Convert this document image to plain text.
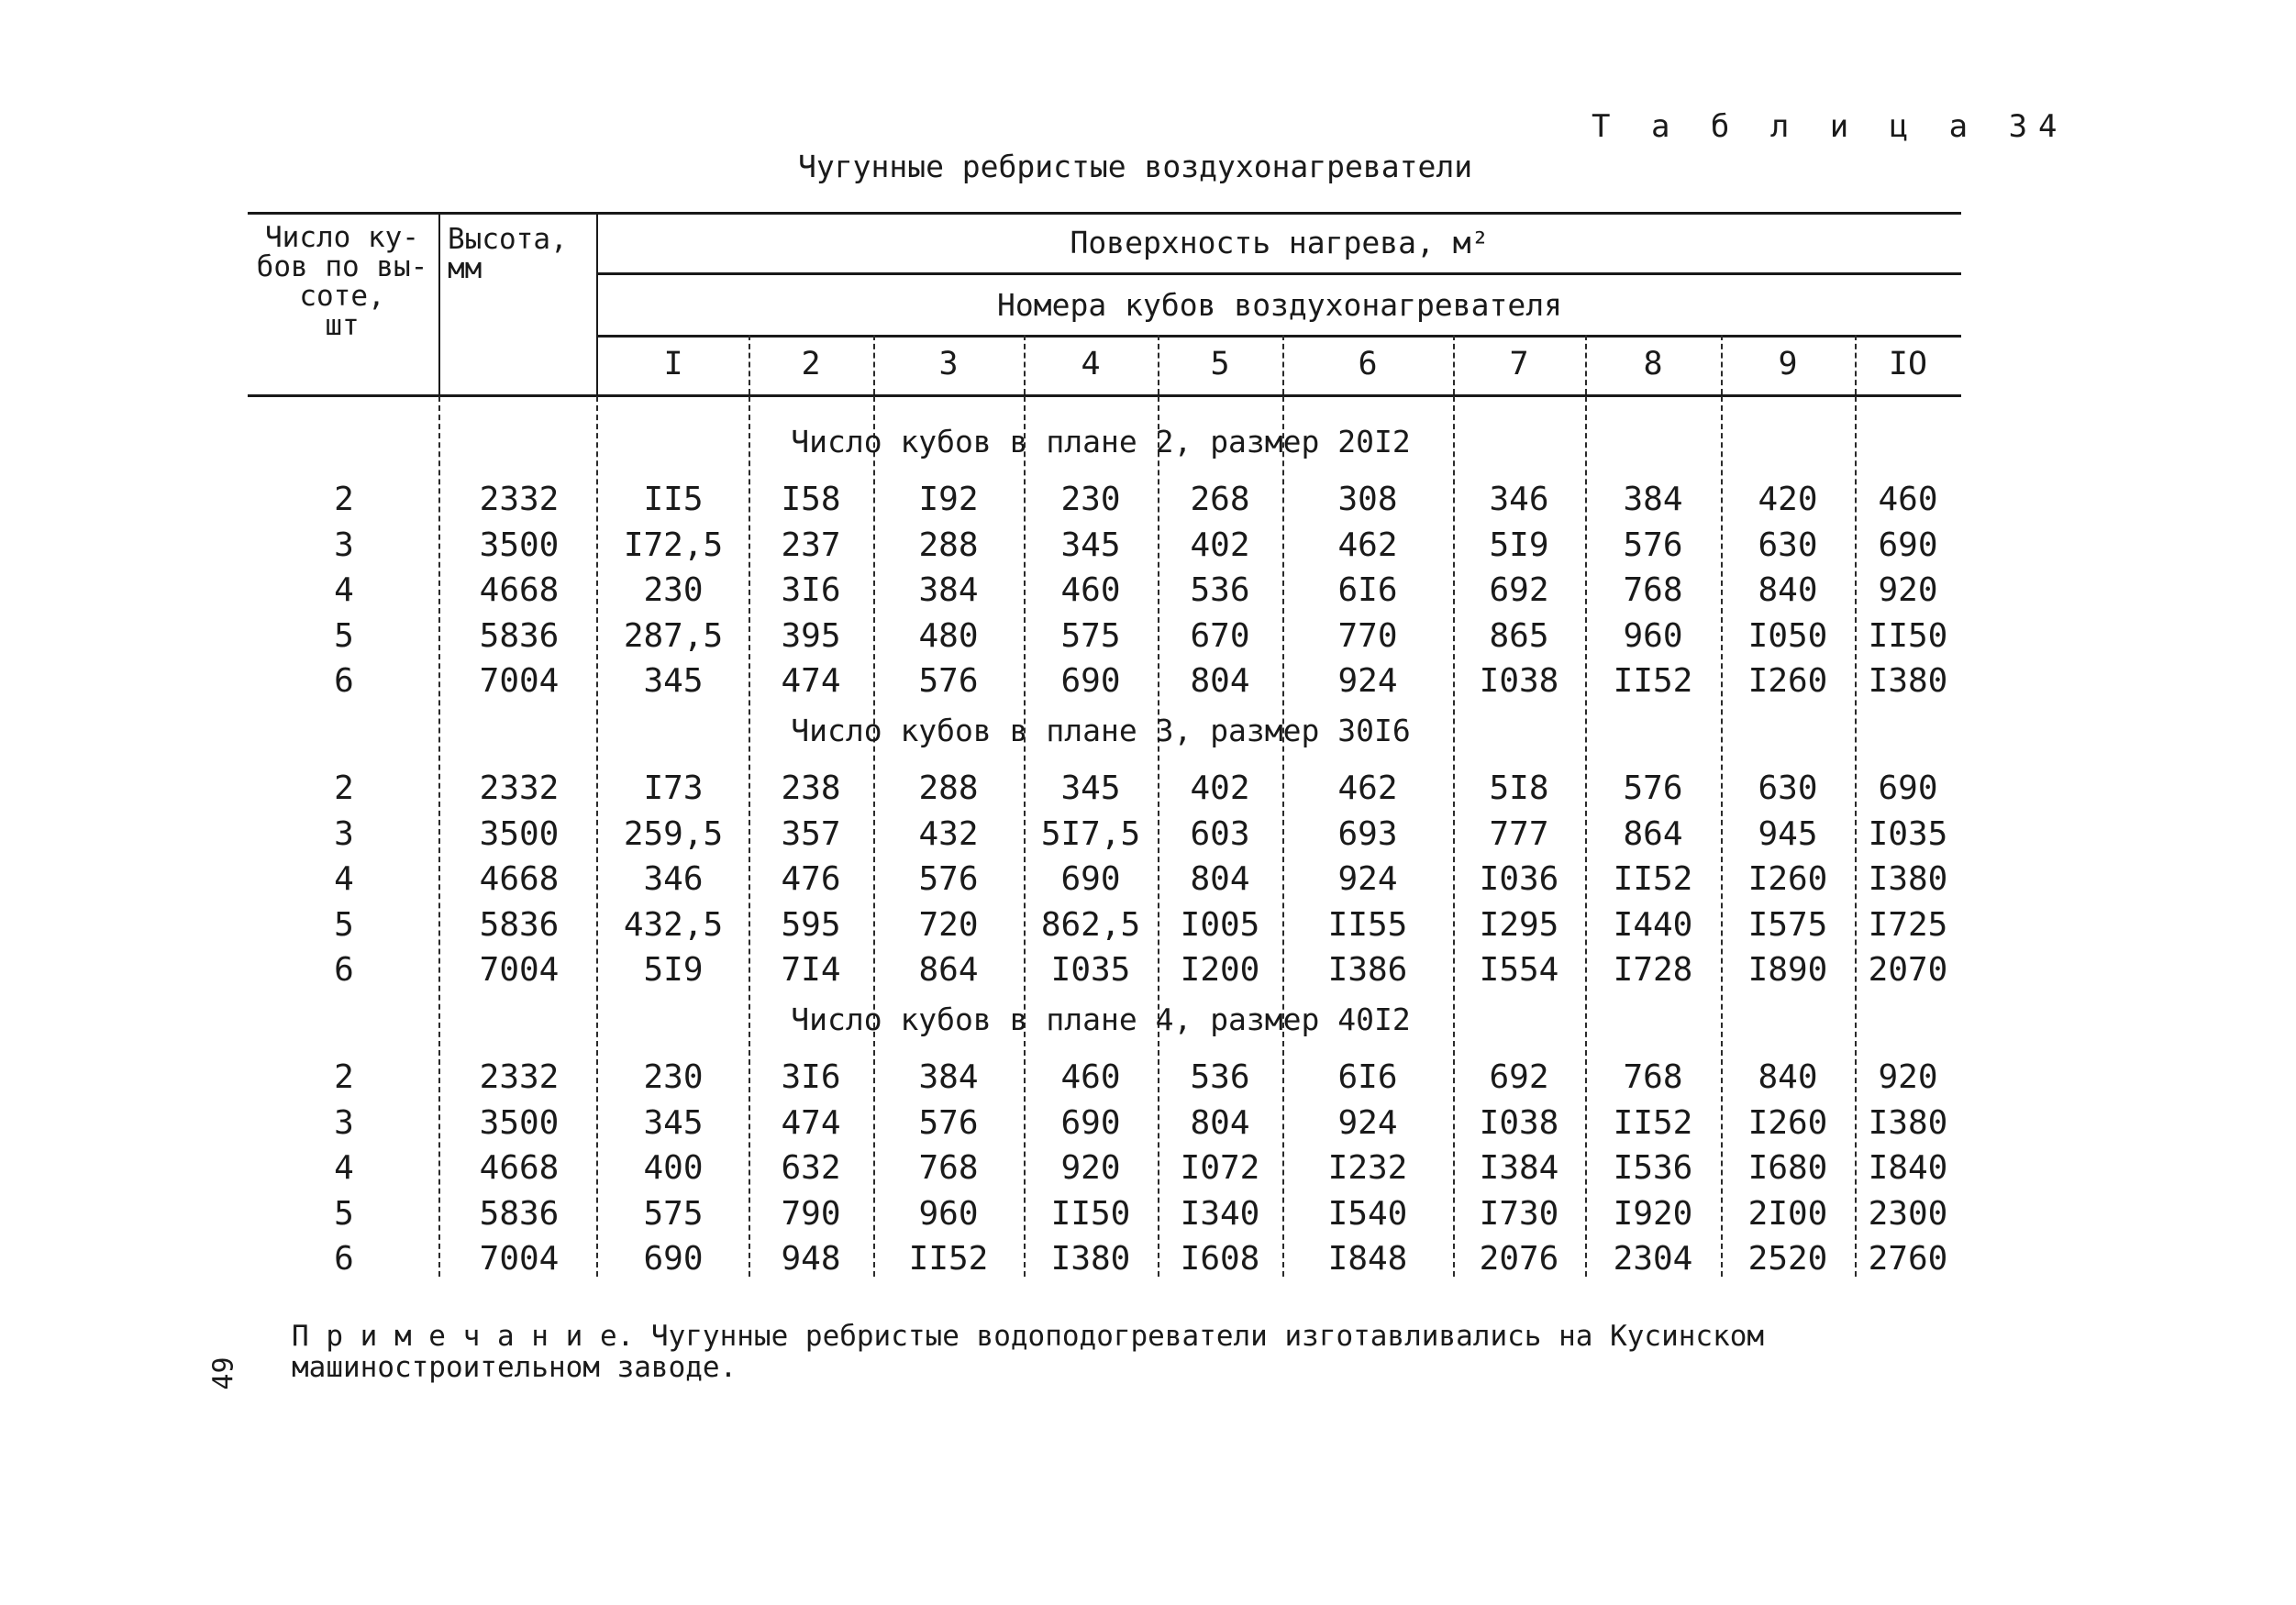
Т а б л и ц а 34
Чугунные ребристые воздухонагреватели
Число ку-
бов по вы-
соте,
шт
Высота,
мм
Поверхность нагрева, м²
Номера кубов воздухонагревателя
I	2	3	4	5	6	7	8	9	IO
Число кубов в плане 2, размер 20I2
2	2332	II5	I58	I92	230	268	308	346	384	420	460
3	3500	I72,5	237	288	345	402	462	5I9	576	630	690
4	4668	230	3I6	384	460	536	6I6	692	768	840	920
5	5836	287,5	395	480	575	670	770	865	960	I050	II50
6	7004	345	474	576	690	804	924	I038	II52	I260	I380
Число кубов в плане 3, размер 30I6
2	2332	I73	238	288	345	402	462	5I8	576	630	690
3	3500	259,5	357	432	5I7,5	603	693	777	864	945	I035
4	4668	346	476	576	690	804	924	I036	II52	I260	I380
5	5836	432,5	595	720	862,5	I005	II55	I295	I440	I575	I725
6	7004	5I9	7I4	864	I035	I200	I386	I554	I728	I890	2070
Число кубов в плане 4, размер 40I2
2	2332	230	3I6	384	460	536	6I6	692	768	840	920
3	3500	345	474	576	690	804	924	I038	II52	I260	I380
4	4668	400	632	768	920	I072	I232	I384	I536	I680	I840
5	5836	575	790	960	II50	I340	I540	I730	I920	2I00	2300
6	7004	690	948	II52	I380	I608	I848	2076	2304	2520	2760
П р и м е ч а н и е. Чугунные ребристые водоподогреватели изготавливались на Кусинском
машиностроительном заводе.
49
